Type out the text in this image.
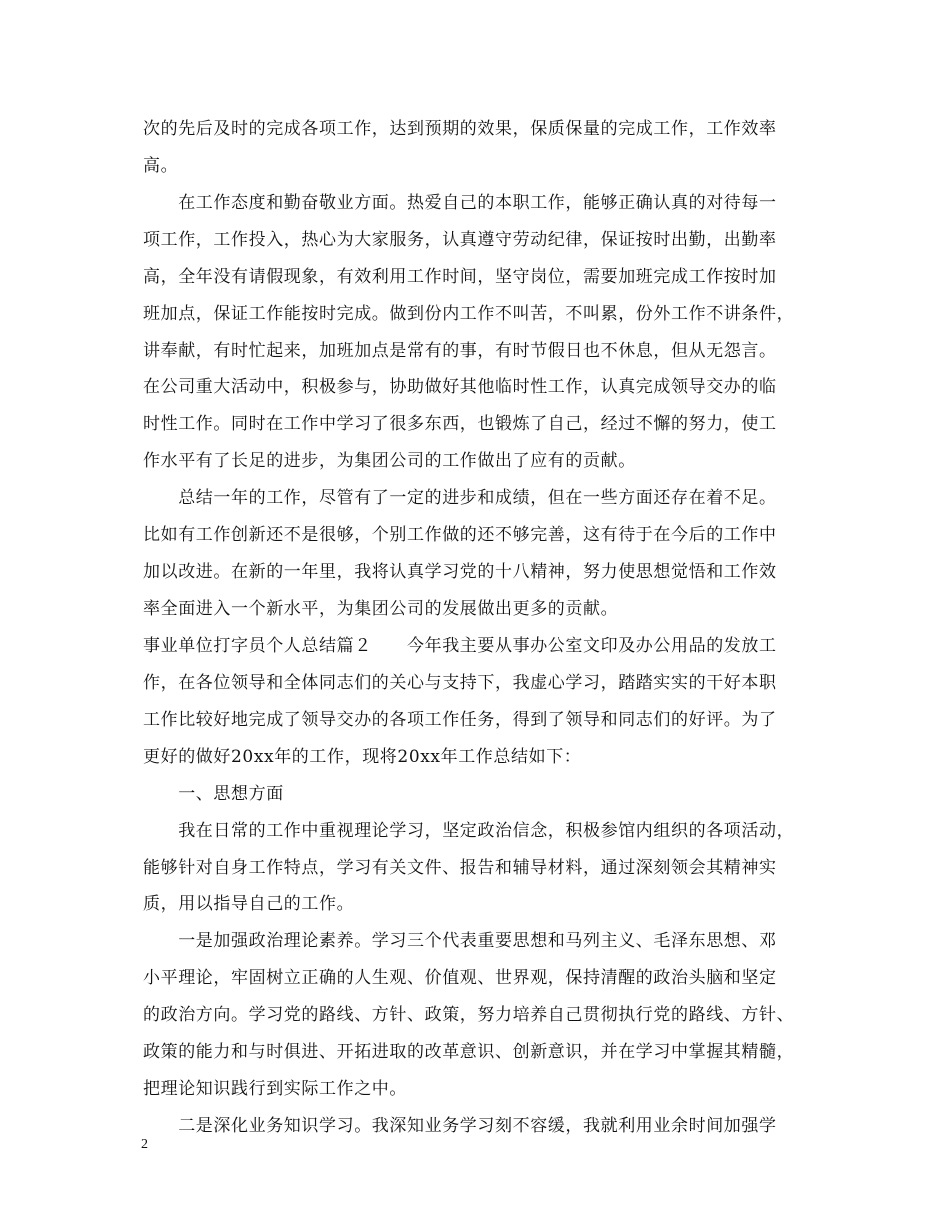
次的先后及时的完成各项工作，达到预期的效果，保质保量的完成工作，工作效率
高。
　　在工作态度和勤奋敬业方面。热爱自己的本职工作，能够正确认真的对待每一
项工作，工作投入，热心为大家服务，认真遵守劳动纪律，保证按时出勤，出勤率
高，全年没有请假现象，有效利用工作时间，坚守岗位，需要加班完成工作按时加
班加点，保证工作能按时完成。做到份内工作不叫苦，不叫累，份外工作不讲条件，
讲奉献，有时忙起来，加班加点是常有的事，有时节假日也不休息，但从无怨言。
在公司重大活动中，积极参与，协助做好其他临时性工作，认真完成领导交办的临
时性工作。同时在工作中学习了很多东西，也锻炼了自己，经过不懈的努力，使工
作水平有了长足的进步，为集团公司的工作做出了应有的贡献。
　　总结一年的工作，尽管有了一定的进步和成绩，但在一些方面还存在着不足。
比如有工作创新还不是很够，个别工作做的还不够完善，这有待于在今后的工作中
加以改进。在新的一年里，我将认真学习党的十八精神，努力使思想觉悟和工作效
率全面进入一个新水平，为集团公司的发展做出更多的贡献。
事业单位打字员个人总结篇２　　今年我主要从事办公室文印及办公用品的发放工
作，在各位领导和全体同志们的关心与支持下，我虚心学习，踏踏实实的干好本职
工作比较好地完成了领导交办的各项工作任务，得到了领导和同志们的好评。为了
更好的做好20xx年的工作，现将20xx年工作总结如下：
　　一、思想方面
　　我在日常的工作中重视理论学习，坚定政治信念，积极参馆内组织的各项活动，
能够针对自身工作特点，学习有关文件、报告和辅导材料，通过深刻领会其精神实
质，用以指导自己的工作。
　　一是加强政治理论素养。学习三个代表重要思想和马列主义、毛泽东思想、邓
小平理论，牢固树立正确的人生观、价值观、世界观，保持清醒的政治头脑和坚定
的政治方向。学习党的路线、方针、政策，努力培养自己贯彻执行党的路线、方针、
政策的能力和与时俱进、开拓进取的改革意识、创新意识，并在学习中掌握其精髓，
把理论知识践行到实际工作之中。
　　二是深化业务知识学习。我深知业务学习刻不容缓，我就利用业余时间加强学
2
